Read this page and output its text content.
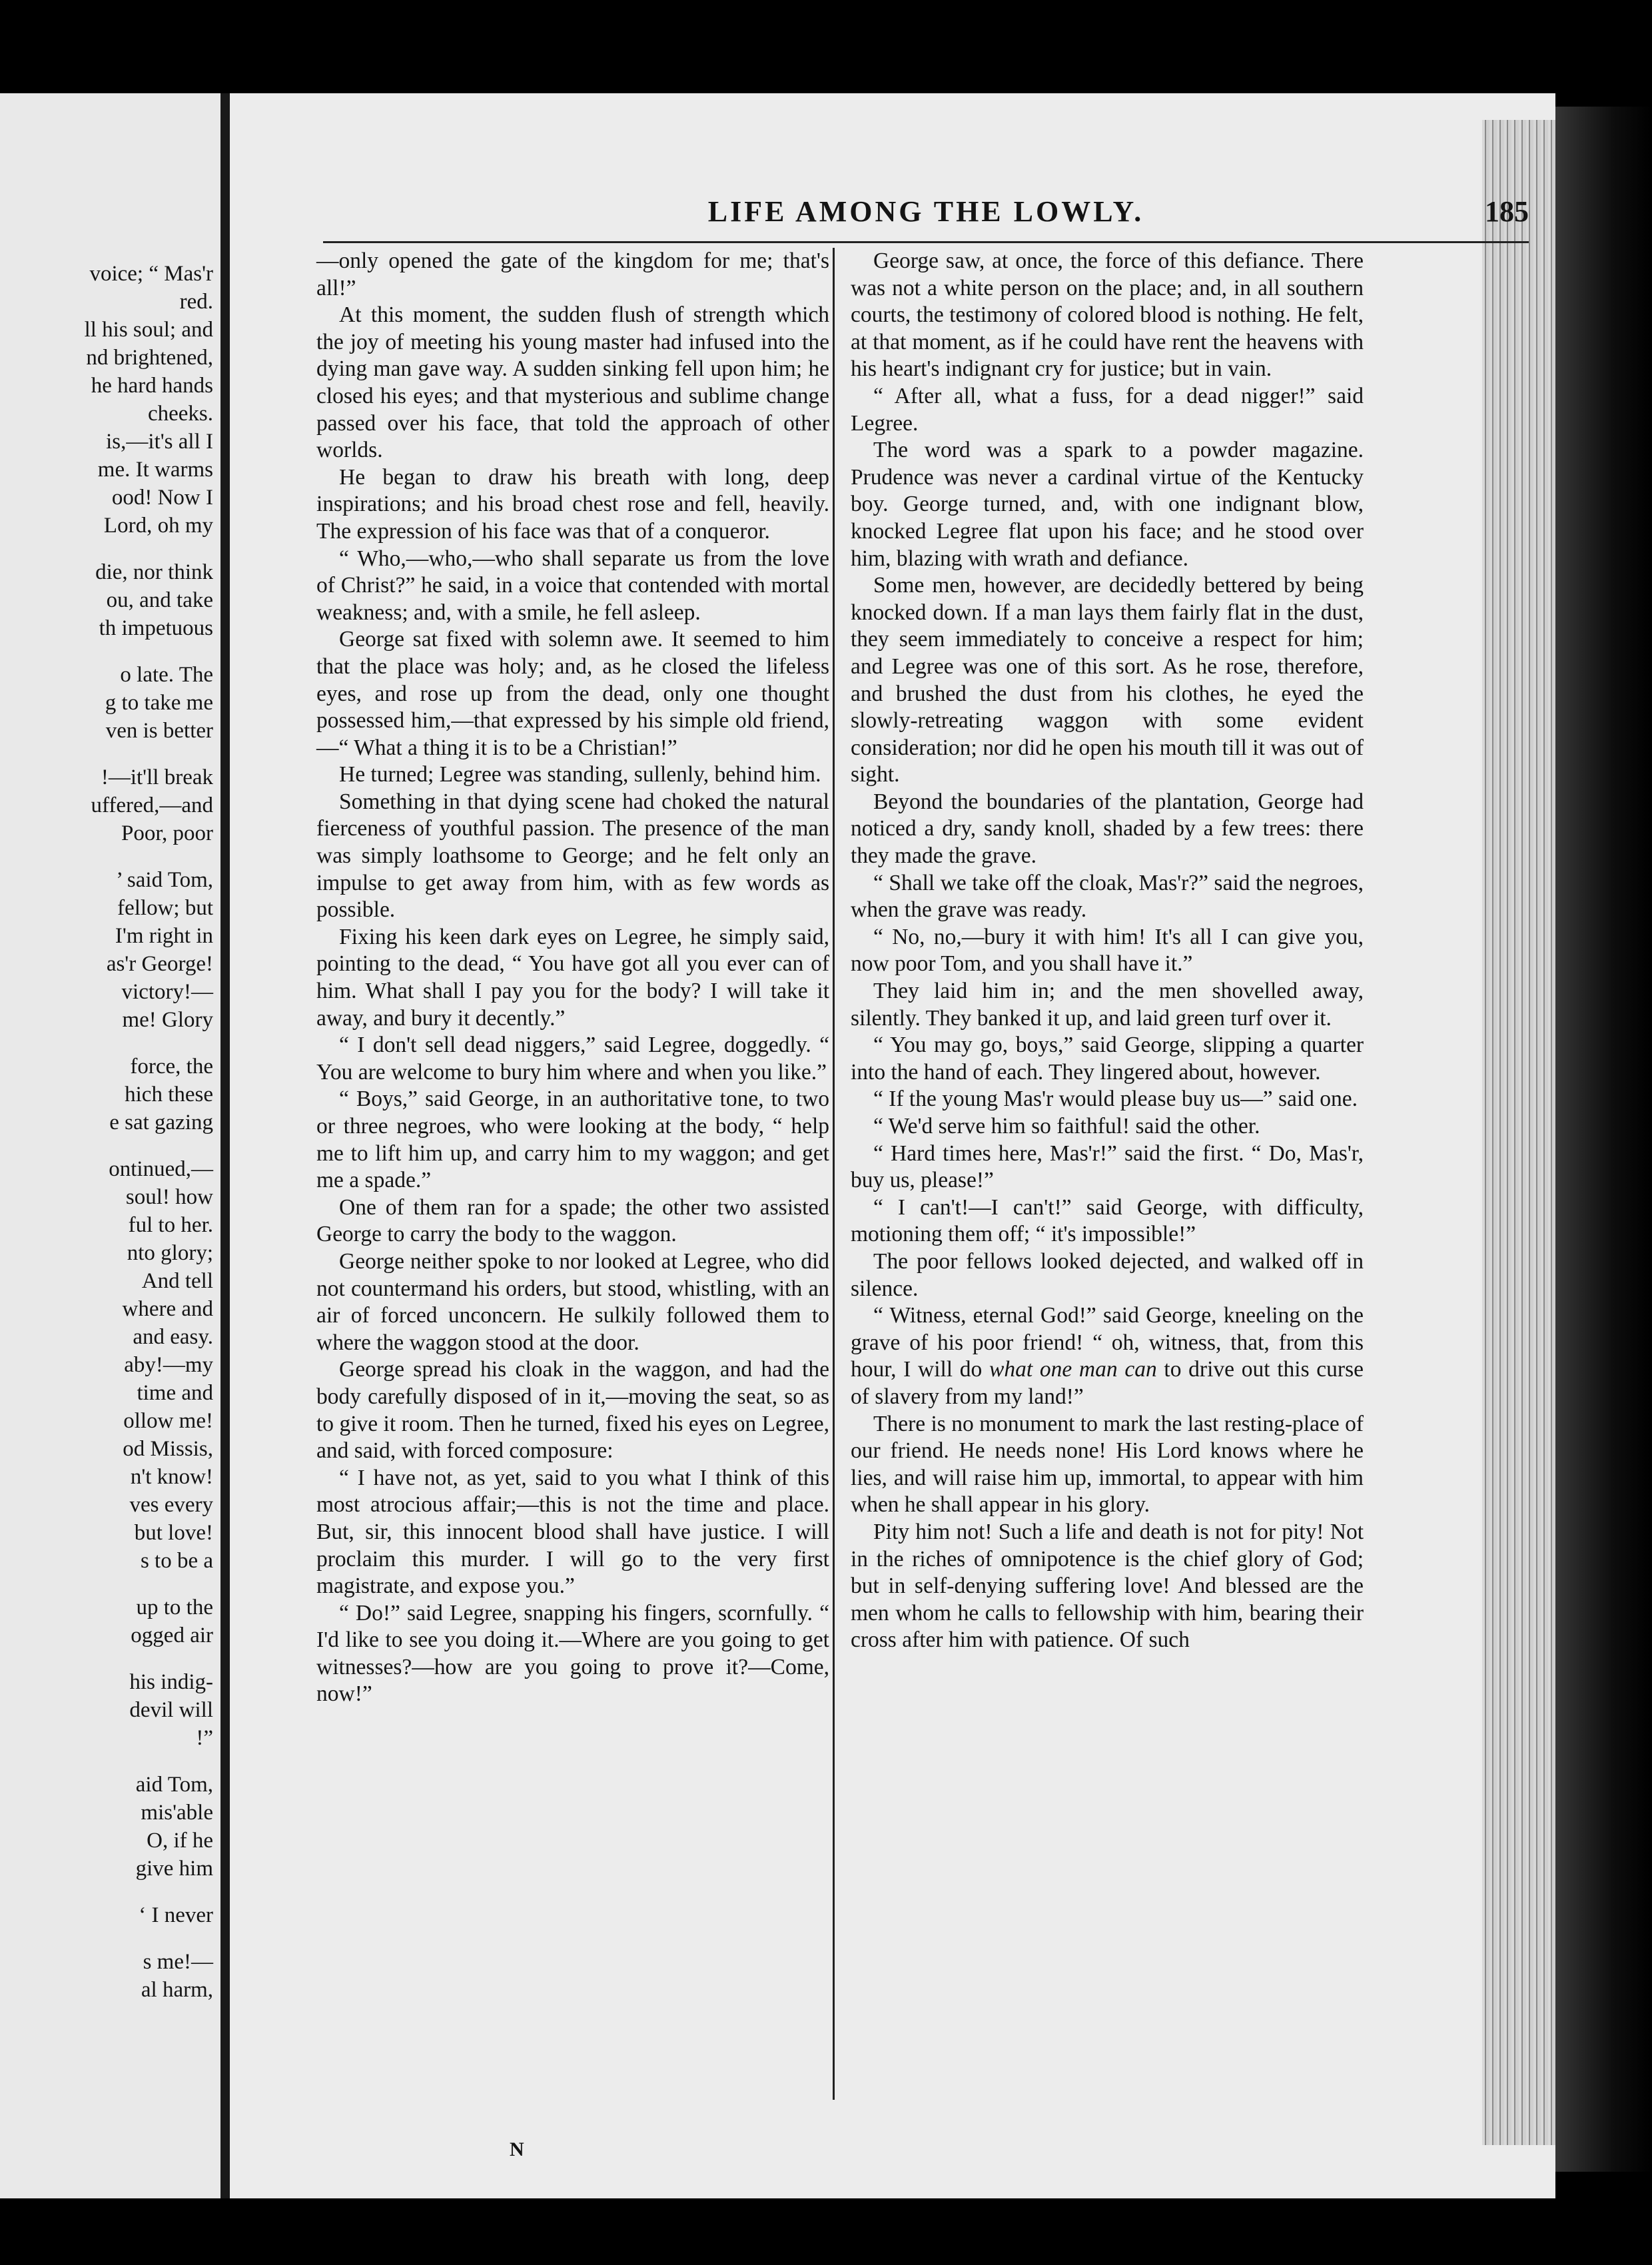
voice; “ Mas'r
red.
ll his soul; and
nd brightened,
he hard hands
cheeks.
is,—it's all I
me. It warms
ood! Now I
Lord, oh my
die, nor think
ou, and take
th impetuous
o late. The
g to take me
ven is better
!—it'll break
uffered,—and
Poor, poor
’ said Tom,
fellow; but
I'm right in
as'r George!
victory!—
me! Glory
force, the
hich these
e sat gazing
ontinued,—
soul! how
ful to her.
nto glory;
And tell
where and
and easy.
aby!—my
time and
ollow me!
od Missis,
n't know!
ves every
but love!
s to be a
up to the
ogged air
his indig-
devil will
!”
aid Tom,
mis'able
O, if he
give him
‘ I never
s me!—
al harm,
LIFE AMONG THE LOWLY.	185

—only opened the gate of the kingdom for me; that's all!”

At this moment, the sudden flush of strength which the joy of meeting his young master had infused into the dying man gave way. A sudden sinking fell upon him; he closed his eyes; and that mysterious and sublime change passed over his face, that told the approach of other worlds.

He began to draw his breath with long, deep inspirations; and his broad chest rose and fell, heavily. The expression of his face was that of a conqueror.

“ Who,—who,—who shall separate us from the love of Christ?” he said, in a voice that contended with mortal weakness; and, with a smile, he fell asleep.

George sat fixed with solemn awe. It seemed to him that the place was holy; and, as he closed the lifeless eyes, and rose up from the dead, only one thought possessed him,—that expressed by his simple old friend,—“ What a thing it is to be a Christian!”

He turned; Legree was standing, sullenly, behind him.

Something in that dying scene had choked the natural fierceness of youthful passion. The presence of the man was simply loathsome to George; and he felt only an impulse to get away from him, with as few words as possible.

Fixing his keen dark eyes on Legree, he simply said, pointing to the dead, “ You have got all you ever can of him. What shall I pay you for the body? I will take it away, and bury it decently.”

“ I don't sell dead niggers,” said Legree, doggedly. “ You are welcome to bury him where and when you like.”

“ Boys,” said George, in an authoritative tone, to two or three negroes, who were looking at the body, “ help me to lift him up, and carry him to my waggon; and get me a spade.”

One of them ran for a spade; the other two assisted George to carry the body to the waggon.

George neither spoke to nor looked at Legree, who did not countermand his orders, but stood, whistling, with an air of forced unconcern. He sulkily followed them to where the waggon stood at the door.

George spread his cloak in the waggon, and had the body carefully disposed of in it,—moving the seat, so as to give it room. Then he turned, fixed his eyes on Legree, and said, with forced composure:

“ I have not, as yet, said to you what I think of this most atrocious affair;—this is not the time and place. But, sir, this innocent blood shall have justice. I will proclaim this murder. I will go to the very first magistrate, and expose you.”

“ Do!” said Legree, snapping his fingers, scornfully. “ I'd like to see you doing it.—Where are you going to get witnesses?—how are you going to prove it?—Come, now!”

George saw, at once, the force of this defiance. There was not a white person on the place; and, in all southern courts, the testimony of colored blood is nothing. He felt, at that moment, as if he could have rent the heavens with his heart's indignant cry for justice; but in vain.

“ After all, what a fuss, for a dead nigger!” said Legree.

The word was a spark to a powder magazine. Prudence was never a cardinal virtue of the Kentucky boy. George turned, and, with one indignant blow, knocked Legree flat upon his face; and he stood over him, blazing with wrath and defiance.

Some men, however, are decidedly bettered by being knocked down. If a man lays them fairly flat in the dust, they seem immediately to conceive a respect for him; and Legree was one of this sort. As he rose, therefore, and brushed the dust from his clothes, he eyed the slowly-retreating waggon with some evident consideration; nor did he open his mouth till it was out of sight.

Beyond the boundaries of the plantation, George had noticed a dry, sandy knoll, shaded by a few trees: there they made the grave.

“ Shall we take off the cloak, Mas'r?” said the negroes, when the grave was ready.

“ No, no,—bury it with him! It's all I can give you, now poor Tom, and you shall have it.”

They laid him in; and the men shovelled away, silently. They banked it up, and laid green turf over it.

“ You may go, boys,” said George, slipping a quarter into the hand of each. They lingered about, however.

“ If the young Mas'r would please buy us—” said one.

“ We'd serve him so faithful! said the other.

“ Hard times here, Mas'r!” said the first. “ Do, Mas'r, buy us, please!”

“ I can't!—I can't!” said George, with difficulty, motioning them off; “ it's impossible!”

The poor fellows looked dejected, and walked off in silence.

“ Witness, eternal God!” said George, kneeling on the grave of his poor friend! “ oh, witness, that, from this hour, I will do what one man can to drive out this curse of slavery from my land!”

There is no monument to mark the last resting-place of our friend. He needs none! His Lord knows where he lies, and will raise him up, immortal, to appear with him when he shall appear in his glory.

Pity him not! Such a life and death is not for pity! Not in the riches of omnipotence is the chief glory of God; but in self-denying suffering love! And blessed are the men whom he calls to fellowship with him, bearing their cross after him with patience. Of such

N
